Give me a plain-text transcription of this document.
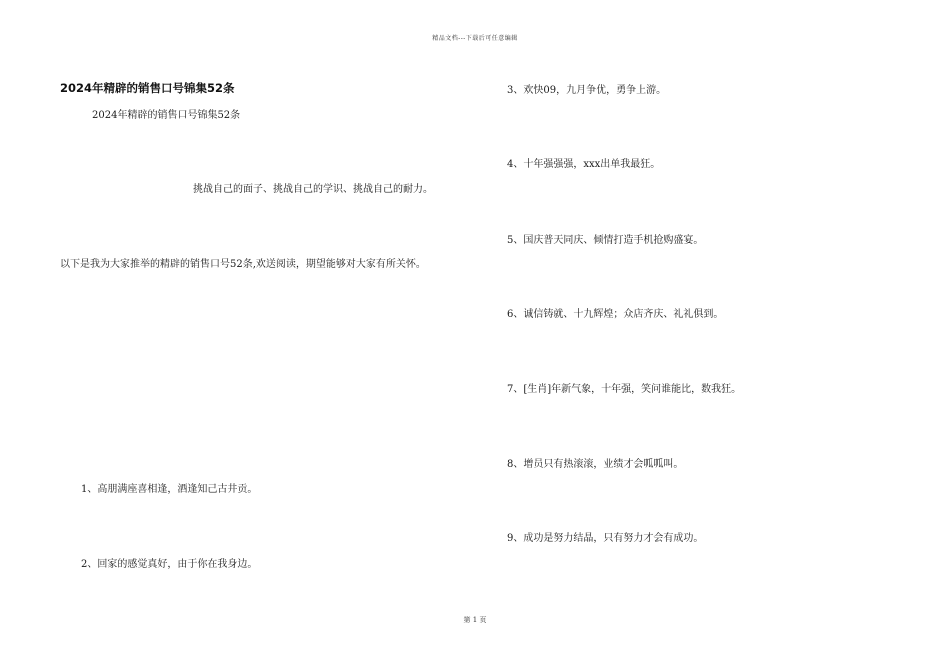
精品文档---下载后可任意编辑
2024年精辟的销售口号锦集52条
2024年精辟的销售口号锦集52条
挑战自己的面子、挑战自己的学识、挑战自己的耐力。
以下是我为大家推举的精辟的销售口号52条,欢送阅读，期望能够对大家有所关怀。
1、高朋满座喜相逢，酒逢知己古井贡。
2、回家的感觉真好，由于你在我身边。
3、欢快09，九月争优，勇争上游。
4、十年强强强，xxx出单我最狂。
5、国庆普天同庆、倾情打造手机抢购盛宴。
6、诚信铸就、十九辉煌；众店齐庆、礼礼俱到。
7、[生肖]年新气象，十年强，笑问谁能比，数我狂。
8、增员只有热滚滚，业绩才会呱呱叫。
9、成功是努力结晶，只有努力才会有成功。
第 1 页
